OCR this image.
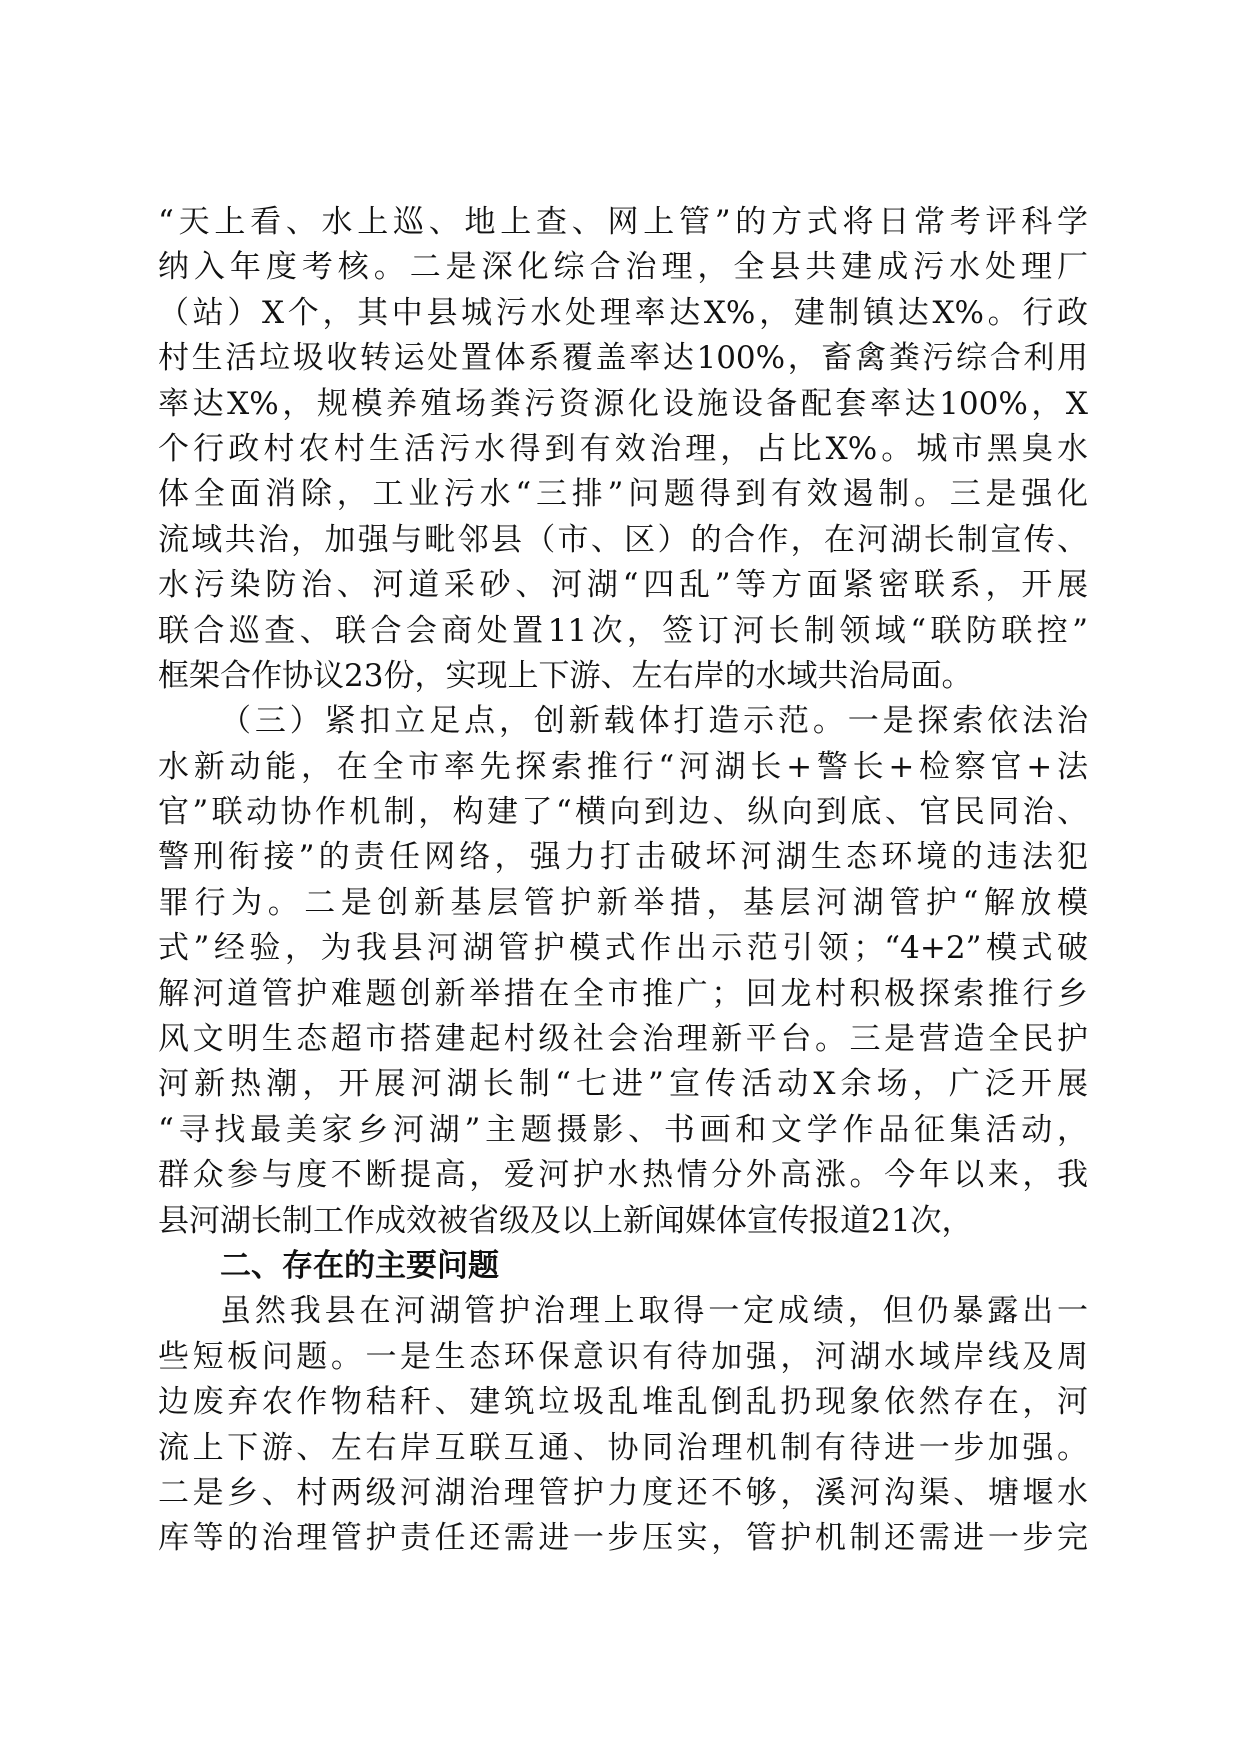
“天上看、水上巡、地上查、网上管”的方式将日常考评科学
纳入年度考核。二是深化综合治理，全县共建成污水处理厂
（站）X个，其中县城污水处理率达X%，建制镇达X%。行政
村生活垃圾收转运处置体系覆盖率达100%，畜禽粪污综合利用
率达X%，规模养殖场粪污资源化设施设备配套率达100%，X
个行政村农村生活污水得到有效治理，占比X%。城市黑臭水
体全面消除，工业污水“三排”问题得到有效遏制。三是强化
流域共治，加强与毗邻县（市、区）的合作，在河湖长制宣传、
水污染防治、河道采砂、河湖“四乱”等方面紧密联系，开展
联合巡查、联合会商处置11次，签订河长制领域“联防联控”
框架合作协议23份，实现上下游、左右岸的水域共治局面。
（三）紧扣立足点，创新载体打造示范。一是探索依法治
水新动能，在全市率先探索推行“河湖长+警长+检察官+法
官”联动协作机制，构建了“横向到边、纵向到底、官民同治、
警刑衔接”的责任网络，强力打击破坏河湖生态环境的违法犯
罪行为。二是创新基层管护新举措，基层河湖管护“解放模
式”经验，为我县河湖管护模式作出示范引领；“4+2”模式破
解河道管护难题创新举措在全市推广；回龙村积极探索推行乡
风文明生态超市搭建起村级社会治理新平台。三是营造全民护
河新热潮，开展河湖长制“七进”宣传活动X余场，广泛开展
“寻找最美家乡河湖”主题摄影、书画和文学作品征集活动，
群众参与度不断提高，爱河护水热情分外高涨。今年以来，我
县河湖长制工作成效被省级及以上新闻媒体宣传报道21次，
二、存在的主要问题
虽然我县在河湖管护治理上取得一定成绩，但仍暴露出一
些短板问题。一是生态环保意识有待加强，河湖水域岸线及周
边废弃农作物秸秆、建筑垃圾乱堆乱倒乱扔现象依然存在，河
流上下游、左右岸互联互通、协同治理机制有待进一步加强。
二是乡、村两级河湖治理管护力度还不够，溪河沟渠、塘堰水
库等的治理管护责任还需进一步压实，管护机制还需进一步完
